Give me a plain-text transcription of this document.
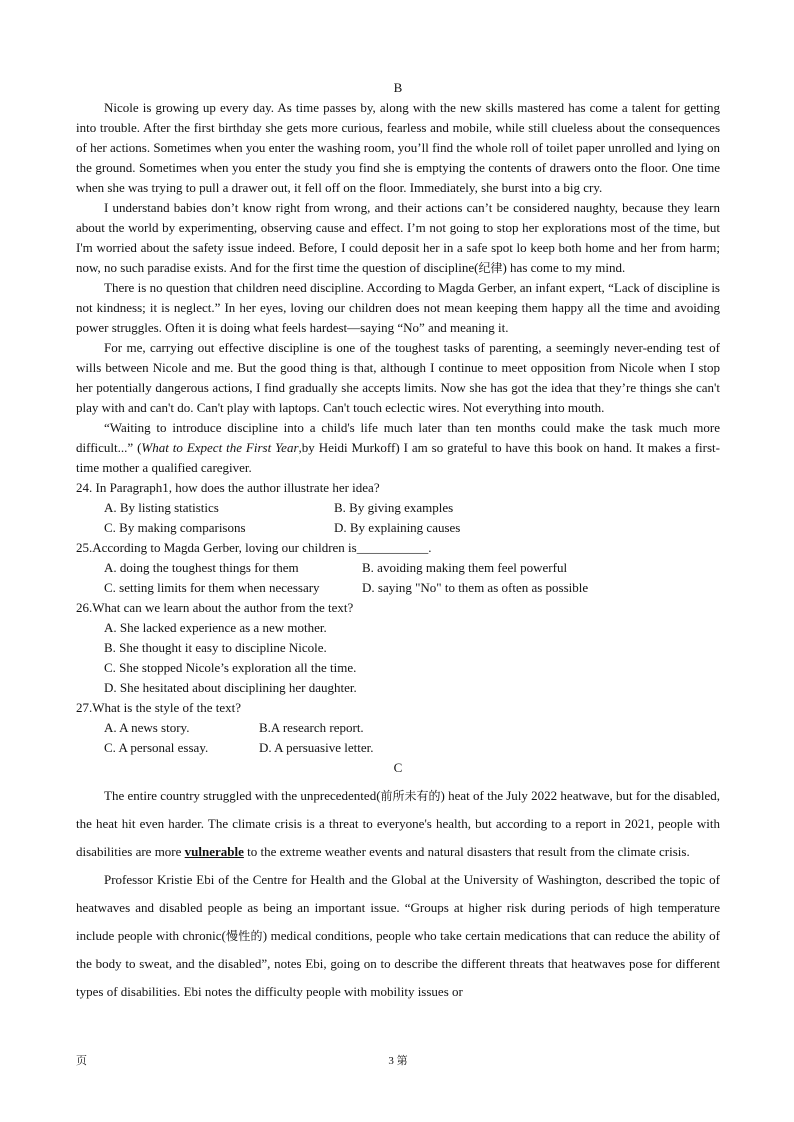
B

Nicole is growing up every day. As time passes by, along with the new skills mastered has come a talent for getting into trouble. After the first birthday she gets more curious, fearless and mobile, while still clueless about the consequences of her actions. Sometimes when you enter the washing room, you’ll find the whole roll of toilet paper unrolled and lying on the ground. Sometimes when you enter the study you find she is emptying the contents of drawers onto the floor. One time when she was trying to pull a drawer out, it fell off on the floor. Immediately, she burst into a big cry.

I understand babies don’t know right from wrong, and their actions can’t be considered naughty, because they learn about the world by experimenting, observing cause and effect. I’m not going to stop her explorations most of the time, but I'm worried about the safety issue indeed. Before, I could deposit her in a safe spot lo keep both home and her from harm; now, no such paradise exists. And for the first time the question of discipline(纪律) has come to my mind.

There is no question that children need discipline. According to Magda Gerber, an infant expert, “Lack of discipline is not kindness; it is neglect.” In her eyes, loving our children does not mean keeping them happy all the time and avoiding power struggles. Often it is doing what feels hardest—saying “No” and meaning it.

For me, carrying out effective discipline is one of the toughest tasks of parenting, a seemingly never-ending test of wills between Nicole and me. But the good thing is that, although I continue to meet opposition from Nicole when I stop her potentially dangerous actions, I find gradually she accepts limits. Now she has got the idea that they’re things she can't play with and can't do. Can't play with laptops. Can't touch eclectic wires. Not everything into mouth.

“Waiting to introduce discipline into a child's life much later than ten months could make the task much more difficult...” (What to Expect the First Year,by Heidi Murkoff) I am so grateful to have this book on hand. It makes a first-time mother a qualified caregiver.

24. In Paragraph1, how does the author illustrate her idea?

A. By listing statistics	B. By giving examples
C. By making comparisons	D. By explaining causes

25.According to Magda Gerber, loving our children is___________.

A. doing the toughest things for them	B. avoiding making them feel powerful
C. setting limits for them when necessary	D. saying "No" to them as often as possible

26.What can we learn about the author from the text?

A. She lacked experience as a new mother.
B. She thought it easy to discipline Nicole.
C. She stopped Nicole’s exploration all the time.
D. She hesitated about disciplining her daughter.

27.What is the style of the text?

A. A news story.	B.A research report.
C. A personal essay.	D. A persuasive letter.
C

The entire country struggled with the unprecedented(前所未有的) heat of the July 2022 heatwave, but for the disabled, the heat hit even harder. The climate crisis is a threat to everyone's health, but according to a report in 2021, people with disabilities are more vulnerable to the extreme weather events and natural disasters that result from the climate crisis.

Professor Kristie Ebi of the Centre for Health and the Global at the University of Washington, described the topic of heatwaves and disabled people as being an important issue. “Groups at higher risk during periods of high temperature include people with chronic(慢性的) medical conditions, people who take certain medications that can reduce the ability of the body to sweat, and the disabled”, notes Ebi, going on to describe the different threats that heatwaves pose for different types of disabilities. Ebi notes the difficulty people with mobility issues or

页	3 第
